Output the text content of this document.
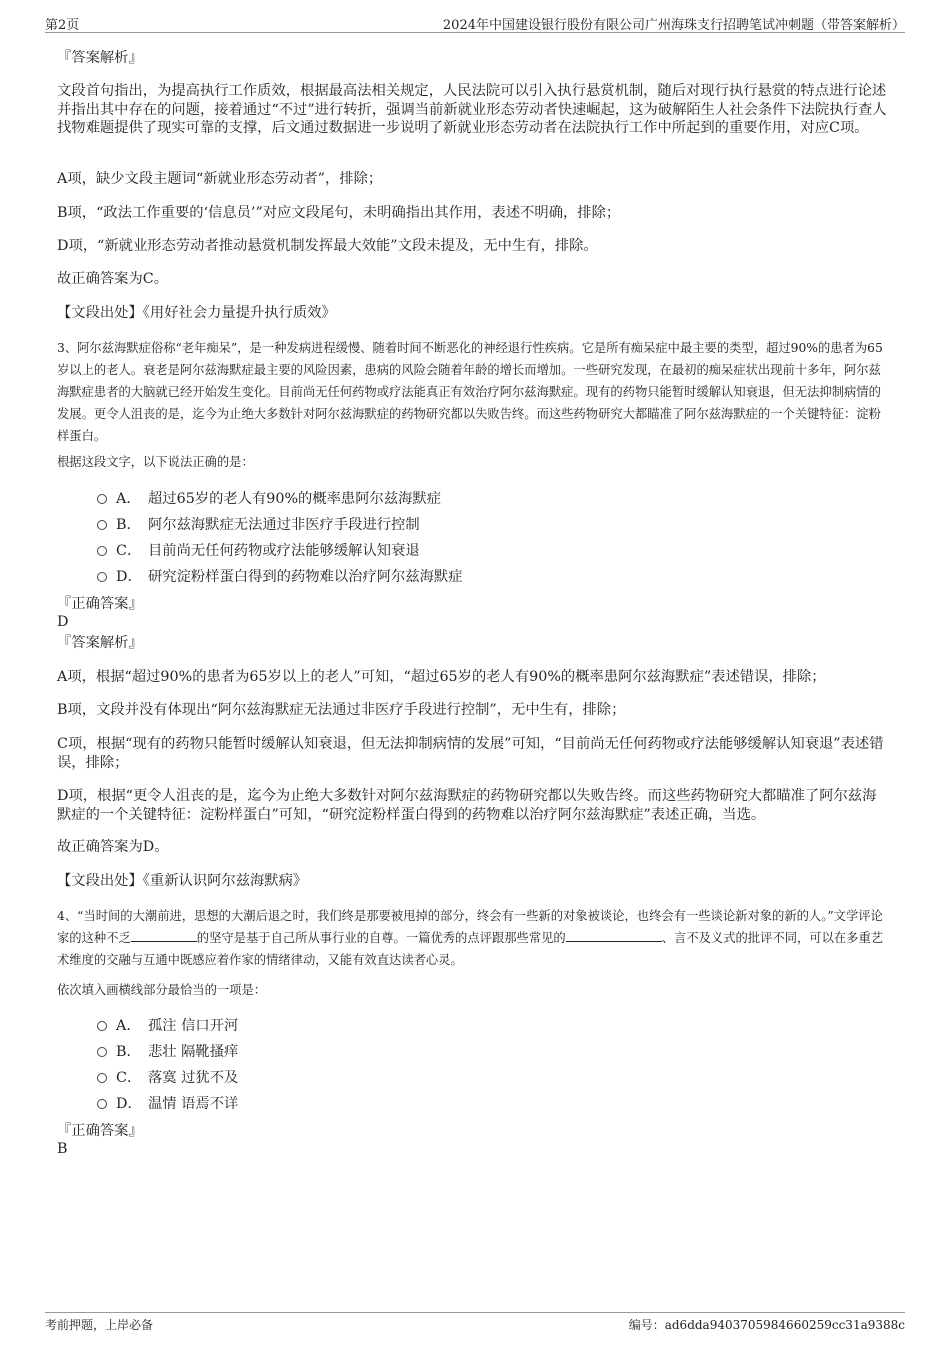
第2页	2024年中国建设银行股份有限公司广州海珠支行招聘笔试冲刺题（带答案解析）
『答案解析』
文段首句指出，为提高执行工作质效，根据最高法相关规定，人民法院可以引入执行悬赏机制，随后对现行执行悬赏的特点进行论述并指出其中存在的问题，接着通过“不过”进行转折，强调当前新就业形态劳动者快速崛起，这为破解陌生人社会条件下法院执行查人找物难题提供了现实可靠的支撑，后文通过数据进一步说明了新就业形态劳动者在法院执行工作中所起到的重要作用，对应C项。
A项，缺少文段主题词“新就业形态劳动者”，排除；
B项，“政法工作重要的‘信息员’”对应文段尾句，未明确指出其作用，表述不明确，排除；
D项，“新就业形态劳动者推动悬赏机制发挥最大效能”文段未提及，无中生有，排除。
故正确答案为C。
【文段出处】《用好社会力量提升执行质效》
3、阿尔兹海默症俗称“老年痴呆”，是一种发病进程缓慢、随着时间不断恶化的神经退行性疾病。它是所有痴呆症中最主要的类型，超过90%的患者为65岁以上的老人。衰老是阿尔兹海默症最主要的风险因素，患病的风险会随着年龄的增长而增加。一些研究发现，在最初的痴呆症状出现前十多年，阿尔兹海默症患者的大脑就已经开始发生变化。目前尚无任何药物或疗法能真正有效治疗阿尔兹海默症。现有的药物只能暂时缓解认知衰退，但无法抑制病情的发展。更令人沮丧的是，迄今为止绝大多数针对阿尔兹海默症的药物研究都以失败告终。而这些药物研究大都瞄准了阿尔兹海默症的一个关键特征：淀粉样蛋白。
根据这段文字，以下说法正确的是：
A． 超过65岁的老人有90%的概率患阿尔兹海默症
B． 阿尔兹海默症无法通过非医疗手段进行控制
C． 目前尚无任何药物或疗法能够缓解认知衰退
D． 研究淀粉样蛋白得到的药物难以治疗阿尔兹海默症
『正确答案』
D
『答案解析』
A项，根据“超过90%的患者为65岁以上的老人”可知，“超过65岁的老人有90%的概率患阿尔兹海默症”表述错误，排除；
B项，文段并没有体现出“阿尔兹海默症无法通过非医疗手段进行控制”，无中生有，排除；
C项，根据“现有的药物只能暂时缓解认知衰退，但无法抑制病情的发展”可知，“目前尚无任何药物或疗法能够缓解认知衰退”表述错误，排除；
D项，根据“更令人沮丧的是，迄今为止绝大多数针对阿尔兹海默症的药物研究都以失败告终。而这些药物研究大都瞄准了阿尔兹海默症的一个关键特征：淀粉样蛋白”可知，“研究淀粉样蛋白得到的药物难以治疗阿尔兹海默症”表述正确，当选。
故正确答案为D。
【文段出处】《重新认识阿尔兹海默病》
4、“当时间的大潮前进，思想的大潮后退之时，我们终是那要被甩掉的部分，终会有一些新的对象被谈论，也终会有一些谈论新对象的新的人。”文学评论家的这种不乏	的坚守是基于自己所从事行业的自尊。一篇优秀的点评跟那些常见的	、言不及义式的批评不同，可以在多重艺术维度的交融与互通中既感应着作家的情绪律动，又能有效直达读者心灵。
依次填入画横线部分最恰当的一项是：
A． 孤注 信口开河
B． 悲壮 隔靴搔痒
C． 落寞 过犹不及
D． 温情 语焉不详
『正确答案』
B
考前押题，上岸必备	编号：ad6dda9403705984660259cc31a9388c
